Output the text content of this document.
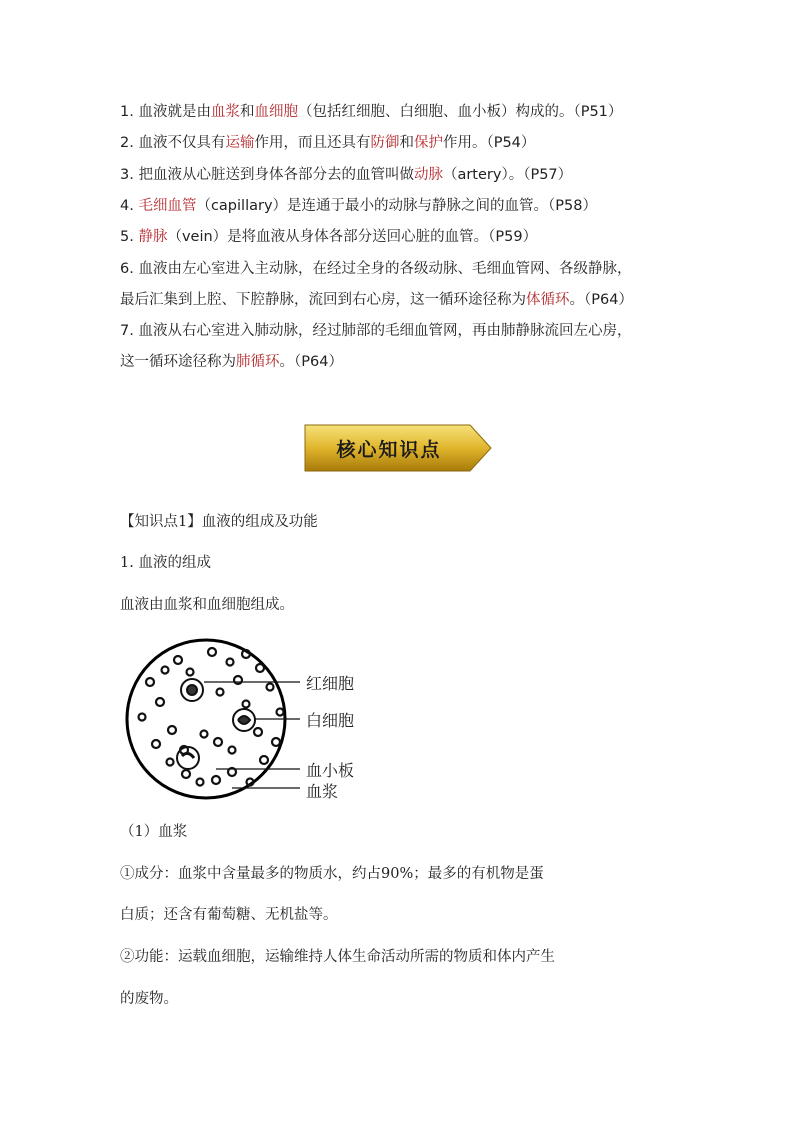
1. 血液就是由血浆和血细胞（包括红细胞、白细胞、血小板）构成的。（P51）
2. 血液不仅具有运输作用，而且还具有防御和保护作用。（P54）
3. 把血液从心脏送到身体各部分去的血管叫做动脉（artery）。（P57）
4. 毛细血管（capillary）是连通于最小的动脉与静脉之间的血管。（P58）
5. 静脉（vein）是将血液从身体各部分送回心脏的血管。（P59）
6. 血液由左心室进入主动脉，在经过全身的各级动脉、毛细血管网、各级静脉，
最后汇集到上腔、下腔静脉，流回到右心房，这一循环途径称为体循环。（P64）
7. 血液从右心室进入肺动脉，经过肺部的毛细血管网，再由肺静脉流回左心房，
这一循环途径称为肺循环。（P64）
核心知识点
【知识点1】血液的组成及功能
1. 血液的组成
血液由血浆和血细胞组成。
红细胞
白细胞
血小板
血浆
（1）血浆
①成分：血浆中含量最多的物质水，约占90%；最多的有机物是蛋
白质；还含有葡萄糖、无机盐等。
②功能：运载血细胞，运输维持人体生命活动所需的物质和体内产生
的废物。
